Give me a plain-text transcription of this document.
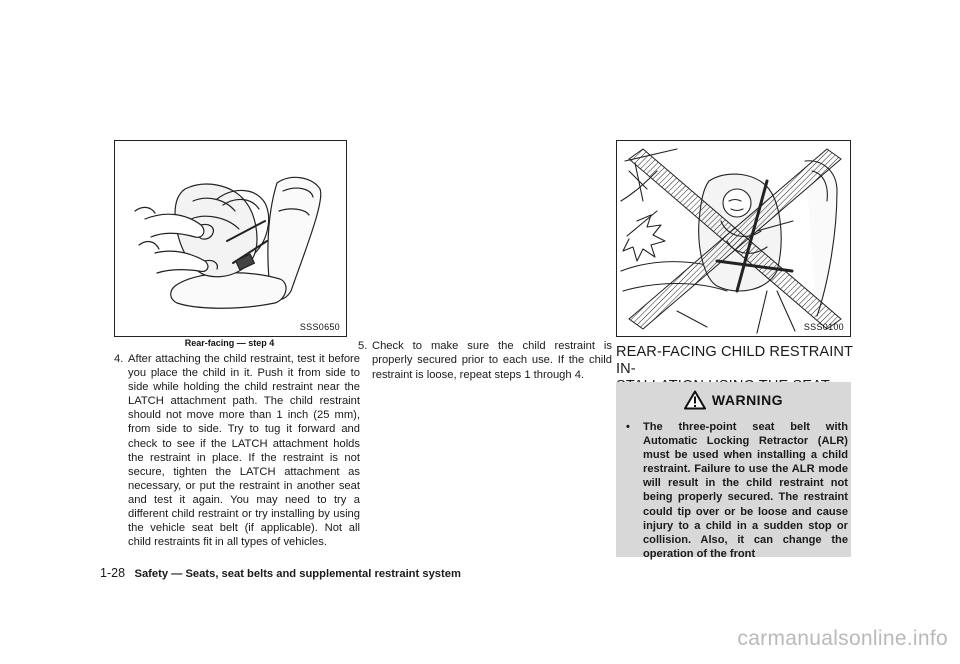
SSS0650
Rear-facing — step 4
4. After attaching the child restraint, test it before you place the child in it. Push it from side to side while holding the child restraint near the LATCH attachment path. The child restraint should not move more than 1 inch (25 mm), from side to side. Try to tug it forward and check to see if the LATCH attachment holds the restraint in place. If the restraint is not secure, tighten the LATCH attachment as necessary, or put the restraint in another seat and test it again. You may need to try a different child restraint or try installing by using the vehicle seat belt (if applicable). Not all child restraints fit in all types of vehicles.
5. Check to make sure the child restraint is properly secured prior to each use. If the child restraint is loose, repeat steps 1 through 4.
SSS0100
REAR-FACING CHILD RESTRAINT IN-
WARNING
• The three-point seat belt with Automatic Locking Retractor (ALR) must be used when installing a child restraint. Failure to use the ALR mode will result in the child restraint not being properly secured. The restraint could tip over or be loose and cause injury to a child in a sudden stop or collision. Also, it can change the operation of the front
1-28 Safety — Seats, seat belts and supplemental restraint system
carmanualsonline.info
